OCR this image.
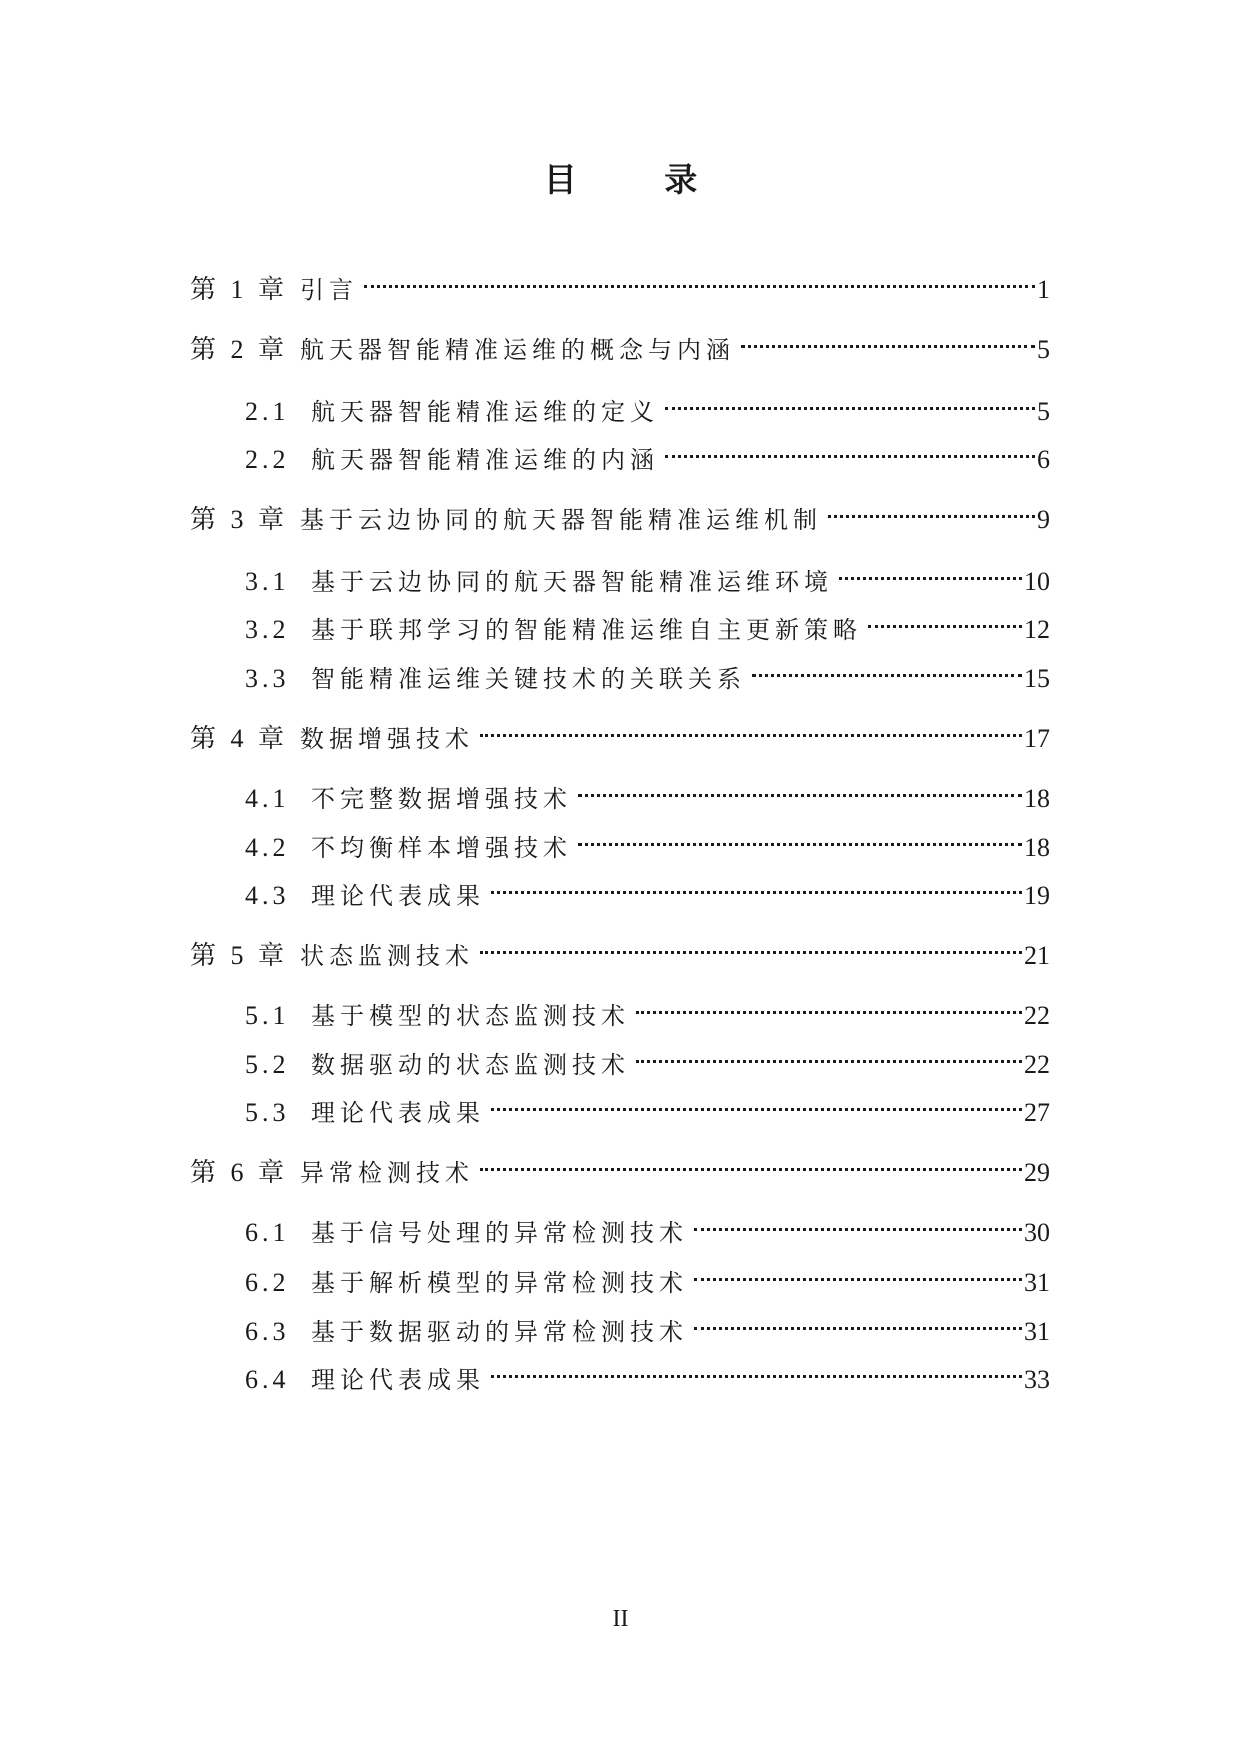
目 录
第 1 章 引言	1
第 2 章 航天器智能精准运维的概念与内涵	5
2.1 航天器智能精准运维的定义	5
2.2 航天器智能精准运维的内涵	6
第 3 章 基于云边协同的航天器智能精准运维机制	9
3.1 基于云边协同的航天器智能精准运维环境	10
3.2 基于联邦学习的智能精准运维自主更新策略	12
3.3 智能精准运维关键技术的关联关系	15
第 4 章 数据增强技术	17
4.1 不完整数据增强技术	18
4.2 不均衡样本增强技术	18
4.3 理论代表成果	19
第 5 章 状态监测技术	21
5.1 基于模型的状态监测技术	22
5.2 数据驱动的状态监测技术	22
5.3 理论代表成果	27
第 6 章 异常检测技术	29
6.1 基于信号处理的异常检测技术	30
6.2 基于解析模型的异常检测技术	31
6.3 基于数据驱动的异常检测技术	31
6.4 理论代表成果	33
II
